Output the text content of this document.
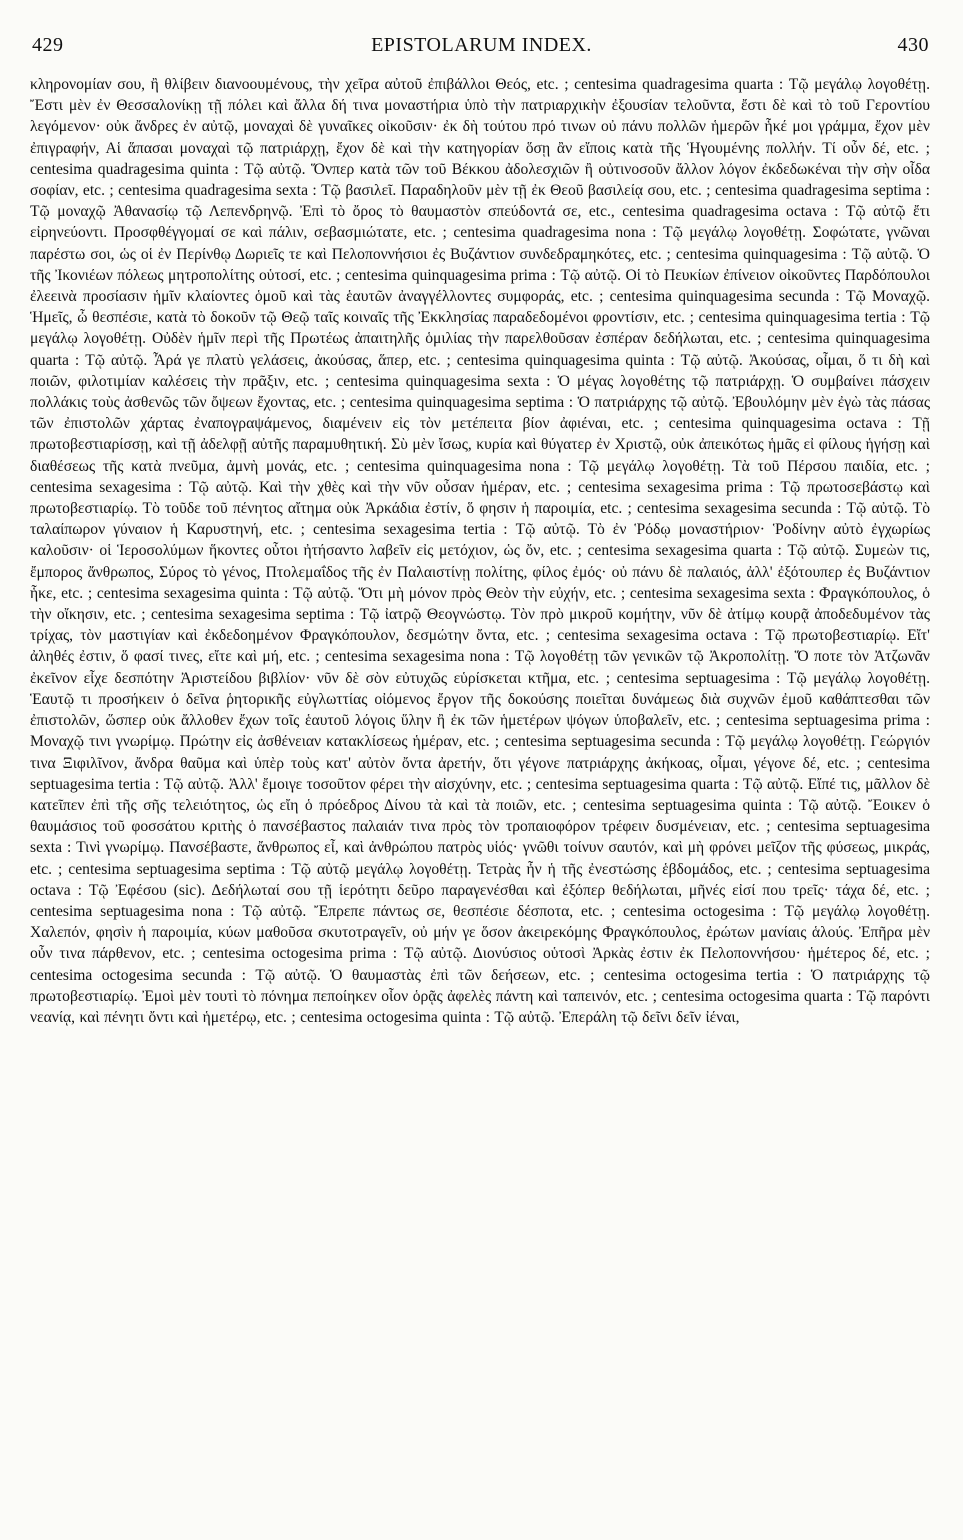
429	EPISTOLARUM INDEX.	430

κληρονομίαν σου, ἢ θλίβειν διανοουμένους, τὴν χεῖρα αὐτοῦ ἐπιβάλλοι Θεός, etc. ; centesima quadragesima quarta : Τῷ μεγάλῳ λογοθέτῃ. Ἔστι μὲν ἐν Θεσσαλονίκῃ τῇ πόλει καὶ ἄλλα δή τινα μοναστήρια ὑπὸ τὴν πατριαρχικὴν ἐξουσίαν τελοῦντα, ἔστι δὲ καὶ τὸ τοῦ Γεροντίου λεγόμενον· οὐκ ἄνδρες ἐν αὐτῷ, μοναχαὶ δὲ γυναῖκες οἰκοῦσιν· ἐκ δὴ τούτου πρό τινων οὐ πάνυ πολλῶν ἡμερῶν ἧκέ μοι γράμμα, ἔχον μὲν ἐπιγραφήν, Αἱ ἅπασαι μοναχαὶ τῷ πατριάρχῃ, ἔχον δὲ καὶ τὴν κατηγορίαν ὅσῃ ἂν εἴποις κατὰ τῆς Ἡγουμένης πολλήν. Τί οὖν δέ, etc. ; centesima quadragesima quinta : Τῷ αὐτῷ. Ὅνπερ κατὰ τῶν τοῦ Βέκκου ἀδολεσχιῶν ἢ οὐτινοσοῦν ἄλλον λόγον ἐκδεδωκέναι τὴν σὴν οἶδα σοφίαν, etc. ; centesima quadragesima sexta : Τῷ βασιλεῖ. Παραδηλοῦν μὲν τῇ ἐκ Θεοῦ βασιλείᾳ σου, etc. ; centesima quadragesima septima : Τῷ μοναχῷ Ἀθανασίῳ τῷ Λεπενδρηνῷ. Ἐπὶ τὸ ὄρος τὸ θαυμαστὸν σπεύδοντά σε, etc., centesima quadragesima octava : Τῷ αὐτῷ ἔτι εἰρηνεύοντι. Προσφθέγγομαί σε καὶ πάλιν, σεβασμιώτατε, etc. ; centesima quadragesima nona : Τῷ μεγάλῳ λογοθέτῃ. Σοφώτατε, γνῶναι παρέστω σοι, ὡς οἱ ἐν Περίνθῳ Δωριεῖς τε καὶ Πελοποννήσιοι ἐς Βυζάντιον συνδεδραμηκότες, etc. ; centesima quinquagesima : Τῷ αὐτῷ. Ὁ τῆς Ἰκονιέων πόλεως μητροπολίτης οὑτοσί, etc. ; centesima quinquagesima prima : Τῷ αὐτῷ. Οἱ τὸ Πευκίων ἐπίνειον οἰκοῦντες Παρδόπουλοι ἐλεεινὰ προσίασιν ἡμῖν κλαίοντες ὁμοῦ καὶ τὰς ἑαυτῶν ἀναγγέλλοντες συμφοράς, etc. ; centesima quinquagesima secunda : Τῷ Μοναχῷ. Ἡμεῖς, ὦ θεσπέσιε, κατὰ τὸ δοκοῦν τῷ Θεῷ ταῖς κοιναῖς τῆς Ἐκκλησίας παραδεδομένοι φροντίσιν, etc. ; centesima quinquagesima tertia : Τῷ μεγάλῳ λογοθέτῃ. Οὐδὲν ἡμῖν περὶ τῆς Πρωτέως ἀπαιτηλῆς ὁμιλίας τὴν παρελθοῦσαν ἐσπέραν δεδήλωται, etc. ; centesima quinquagesima quarta : Τῷ αὐτῷ. Ἆρά γε πλατὺ γελάσεις, ἀκούσας, ἅπερ, etc. ; centesima quinquagesima quinta : Τῷ αὐτῷ. Ἀκούσας, οἶμαι, ὅ τι δὴ καὶ ποιῶν, φιλοτιμίαν καλέσεις τὴν πρᾶξιν, etc. ; centesima quinquagesima sexta : Ὁ μέγας λογοθέτης τῷ πατριάρχῃ. Ὁ συμβαίνει πάσχειν πολλάκις τοὺς ἀσθενῶς τῶν ὄψεων ἔχοντας, etc. ; centesima quinquagesima septima : Ὁ πατριάρχης τῷ αὐτῷ. Ἐβουλόμην μὲν ἐγὼ τὰς πάσας τῶν ἐπιστολῶν χάρτας ἐναπογραψάμενος, διαμένειν εἰς τὸν μετέπειτα βίον ἀφιέναι, etc. ; centesima quinquagesima octava : Τῇ πρωτοβεστιαρίσσῃ, καὶ τῇ ἀδελφῇ αὐτῆς παραμυθητική. Σὺ μὲν ἴσως, κυρία καὶ θύγατερ ἐν Χριστῷ, οὐκ ἀπεικότως ἡμᾶς εἰ φίλους ἡγήσῃ καὶ διαθέσεως τῆς κατὰ πνεῦμα, ἀμνὴ μονάς, etc. ; centesima quinquagesima nona : Τῷ μεγάλῳ λογοθέτῃ. Τὰ τοῦ Πέρσου παιδία, etc. ; centesima sexagesima : Τῷ αὐτῷ. Καὶ τὴν χθὲς καὶ τὴν νῦν οὖσαν ἡμέραν, etc. ; centesima sexagesima prima : Τῷ πρωτοσεβάστῳ καὶ πρωτοβεστιαρίῳ. Τὸ τοῦδε τοῦ πένητος αἴτημα οὐκ Ἀρκάδια ἐστίν, ὅ φησιν ἡ παροιμία, etc. ; centesima sexagesima secunda : Τῷ αὐτῷ. Τὸ ταλαίπωρον γύναιον ἡ Καρυστηνή, etc. ; centesima sexagesima tertia : Τῷ αὐτῷ. Τὸ ἐν Ῥόδῳ μοναστήριον· Ῥοδίνην αὐτὸ ἐγχωρίως καλοῦσιν· οἱ Ἱεροσολύμων ἥκοντες οὗτοι ἠτήσαντο λαβεῖν εἰς μετόχιον, ὡς ὄν, etc. ; centesima sexagesima quarta : Τῷ αὐτῷ. Συμεὼν τις, ἔμπορος ἄνθρωπος, Σύρος τὸ γένος, Πτολεμαΐδος τῆς ἐν Παλαιστίνῃ πολίτης, φίλος ἐμός· οὐ πάνυ δὲ παλαιός, ἀλλ' ἐξότουπερ ἐς Βυζάντιον ἧκε, etc. ; centesima sexagesima quinta : Τῷ αὐτῷ. Ὅτι μὴ μόνον πρὸς Θεὸν τὴν εὐχήν, etc. ; centesima sexagesima sexta : Φραγκόπουλος, ὁ τὴν οἴκησιν, etc. ; centesima sexagesima septima : Τῷ ἰατρῷ Θεογνώστῳ. Τὸν πρὸ μικροῦ κομήτην, νῦν δὲ ἀτίμῳ κουρᾷ ἀποδεδυμένον τὰς τρίχας, τὸν μαστιγίαν καὶ ἐκδεδοημένον Φραγκόπουλον, δεσμώτην ὄντα, etc. ; centesima sexagesima octava : Τῷ πρωτοβεστιαρίῳ. Εἴτ' ἀληθές ἐστιν, ὅ φασί τινες, εἴτε καὶ μή, etc. ; centesima sexagesima nona : Τῷ λογοθέτῃ τῶν γενικῶν τῷ Ἀκροπολίτῃ. Ὅ ποτε τὸν Ἀτζωνᾶν ἐκεῖνον εἶχε δεσπότην Ἀριστείδου βιβλίον· νῦν δὲ σὸν εὐτυχῶς εὑρίσκεται κτῆμα, etc. ; centesima septuagesima : Τῷ μεγάλῳ λογοθέτῃ. Ἑαυτῷ τι προσήκειν ὁ δεῖνα ῥητορικῆς εὐγλωττίας οἰόμενος ἔργον τῆς δοκούσης ποιεῖται δυνάμεως διὰ συχνῶν ἐμοῦ καθάπτεσθαι τῶν ἐπιστολῶν, ὥσπερ οὐκ ἄλλοθεν ἔχων τοῖς ἑαυτοῦ λόγοις ὕλην ἢ ἐκ τῶν ἡμετέρων ψόγων ὑποβαλεῖν, etc. ; centesima septuagesima prima : Μοναχῷ τινι γνωρίμῳ. Πρώτην εἰς ἀσθένειαν κατακλίσεως ἡμέραν, etc. ; centesima septuagesima secunda : Τῷ μεγάλῳ λογοθέτῃ. Γεώργιόν τινα Ξιφιλῖνον, ἄνδρα θαῦμα καὶ ὑπὲρ τοὺς κατ' αὐτὸν ὄντα ἀρετήν, ὅτι γέγονε πατριάρχης ἀκήκοας, οἶμαι, γέγονε δέ, etc. ; centesima septuagesima tertia : Τῷ αὐτῷ. Ἀλλ' ἔμοιγε τοσοῦτον φέρει τὴν αἰσχύνην, etc. ; centesima septuagesima quarta : Τῷ αὐτῷ. Εἴπέ τις, μᾶλλον δὲ κατεῖπεν ἐπὶ τῆς σῆς τελειότητος, ὡς εἴη ὁ πρόεδρος Δίνου τὰ καὶ τὰ ποιῶν, etc. ; centesima septuagesima quinta : Τῷ αὐτῷ. Ἔοικεν ὁ θαυμάσιος τοῦ φοσσάτου κριτὴς ὁ πανσέβαστος παλαιάν τινα πρὸς τὸν τροπαιοφόρον τρέφειν δυσμένειαν, etc. ; centesima septuagesima sexta : Τινὶ γνωρίμῳ. Πανσέβαστε, ἄνθρωπος εἶ, καὶ ἀνθρώπου πατρὸς υἱός· γνῶθι τοίνυν σαυτόν, καὶ μὴ φρόνει μεῖζον τῆς φύσεως, μικράς, etc. ; centesima septuagesima septima : Τῷ αὐτῷ μεγάλῳ λογοθέτῃ. Τετρὰς ἦν ἡ τῆς ἐνεστώσης ἑβδομάδος, etc. ; centesima septuagesima octava : Τῷ Ἐφέσου (sic). Δεδήλωταί σου τῇ ἱερότητι δεῦρο παραγενέσθαι καὶ ἐξόπερ θεδήλωται, μῆνές εἰσί που τρεῖς· τάχα δέ, etc. ; centesima septuagesima nona : Τῷ αὐτῷ. Ἔπρεπε πάντως σε, θεσπέσιε δέσποτα, etc. ; centesima octogesima : Τῷ μεγάλῳ λογοθέτῃ. Χαλεπόν, φησὶν ἡ παροιμία, κύων μαθοῦσα σκυτοτραγεῖν, οὐ μήν γε ὅσον ἀκειρεκόμης Φραγκόπουλος, ἐρώτων μανίαις ἁλούς. Ἐπῆρα μὲν οὖν τινα πάρθενον, etc. ; centesima octogesima prima : Τῷ αὐτῷ. Διονύσιος οὑτοσὶ Ἀρκὰς ἐστιν ἐκ Πελοποννήσου· ἡμέτερος δέ, etc. ; centesima octogesima secunda : Τῷ αὐτῷ. Ὁ θαυμαστὰς ἐπὶ τῶν δεήσεων, etc. ; centesima octogesima tertia : Ὁ πατριάρχης τῷ πρωτοβεστιαρίῳ. Ἐμοὶ μὲν τουτὶ τὸ πόνημα πεποίηκεν οἷον ὁρᾷς ἀφελὲς πάντη καὶ ταπεινόν, etc. ; centesima octogesima quarta : Τῷ παρόντι νεανίᾳ, καὶ πένητι ὄντι καὶ ἡμετέρῳ, etc. ; centesima octogesima quinta : Τῷ αὐτῷ. Ἐπεράλη τῷ δεῖνι δεῖν ἰέναι,
